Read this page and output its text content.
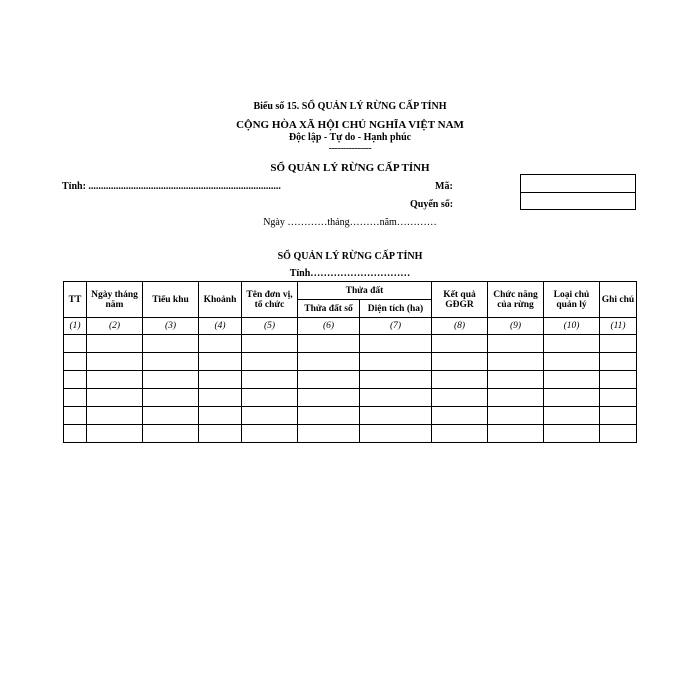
Biểu số 15. SỔ QUẢN LÝ RỪNG CẤP TỈNH
CỘNG HÒA XÃ HỘI CHỦ NGHĨA VIỆT NAM
Độc lập - Tự do - Hạnh phúc
---------------
SỔ QUẢN LÝ RỪNG CẤP TỈNH
Tỉnh: .............................................................................	Mã:
Quyển số:
Ngày …………tháng………năm…………
SỔ QUẢN LÝ RỪNG CẤP TỈNH
Tỉnh…………………………
TT	Ngày tháng năm	Tiểu khu	Khoảnh	Tên đơn vị, tổ chức	Thửa đất		Kết quả GĐGR	Chức năng của rừng	Loại chủ quản lý	Ghi chú
					Thửa đất số	Diện tích (ha)				
(1)	(2)	(3)	(4)	(5)	(6)	(7)	(8)	(9)	(10)	(11)
